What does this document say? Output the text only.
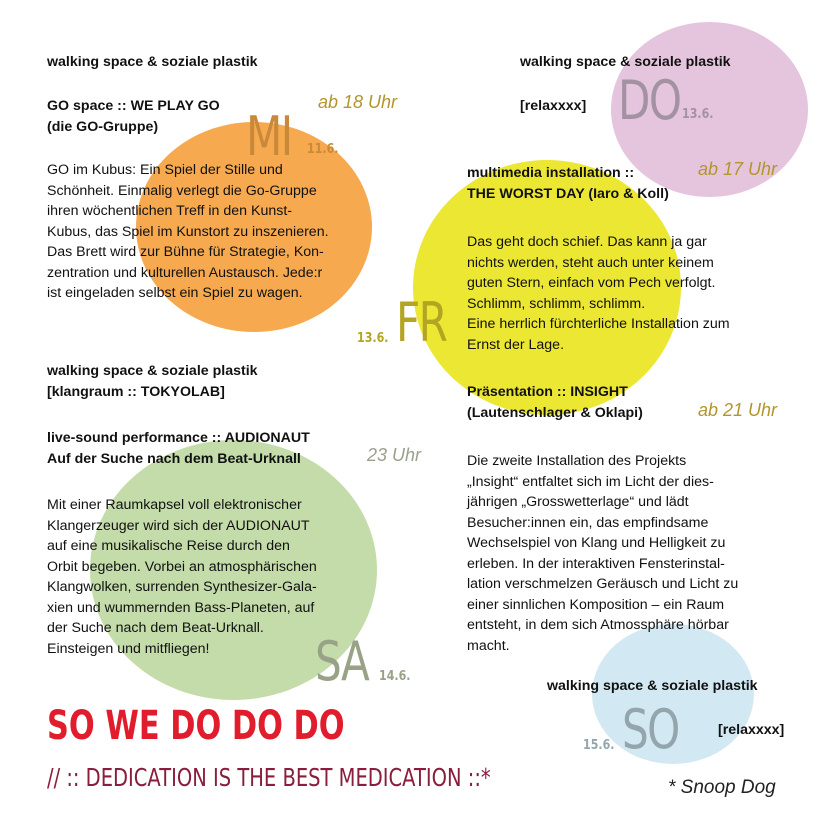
walking space & soziale plastik

GO space :: WE PLAY GO

(die GO-Gruppe)

ab 18 Uhr
MI 11.6.

GO im Kubus: Ein Spiel der Stille und
Schönheit. Einmalig verlegt die Go-Gruppe
ihren wöchentlichen Treff in den Kunst-
Kubus, das Spiel im Kunstort zu inszenieren.
Das Brett wird zur Bühne für Strategie, Kon-
zentration und kulturellen Austausch. Jede:r
ist eingeladen selbst ein Spiel zu wagen.

walking space & soziale plastik

[relaxxxx] DO 13.6.
ab 17 Uhr

multimedia installation ::

THE WORST DAY (Iaro & Koll)

Das geht doch schief. Das kann ja gar
nichts werden, steht auch unter keinem
guten Stern, einfach vom Pech verfolgt.
Schlimm, schlimm, schlimm.
Eine herrlich fürchterliche Installation zum
Ernst der Lage.

13.6. FR

Präsentation :: INSIGHT

(Lautenschlager & Oklapi)	ab 21 Uhr

Die zweite Installation des Projekts
„Insight“ entfaltet sich im Licht der dies-
jährigen „Grosswetterlage“ und lädt
Besucher:innen ein, das empfindsame
Wechselspiel von Klang und Helligkeit zu
erleben. In der interaktiven Fensterinstal-
lation verschmelzen Geräusch und Licht zu
einer sinnlichen Komposition – ein Raum
entsteht, in dem sich Atmossphäre hörbar
macht.

walking space & soziale plastik

[klangraum :: TOKYOLAB]

live-sound performance :: AUDIONAUT

Auf der Suche nach dem Beat-Urknall	23 Uhr

Mit einer Raumkapsel voll elektronischer
Klangerzeuger wird sich der AUDIONAUT
auf eine musikalische Reise durch den
Orbit begeben. Vorbei an atmosphärischen
Klangwolken, surrenden Synthesizer-Gala-
xien und wummernden Bass-Planeten, auf
der Suche nach dem Beat-Urknall.
Einsteigen und mitfliegen!	SA 14.6.

walking space & soziale plastik

[relaxxxx]

15.6. SO
SO WE DO DO DO

// :: DEDICATION IS THE BEST MEDICATION ::*	* Snoop Dog
